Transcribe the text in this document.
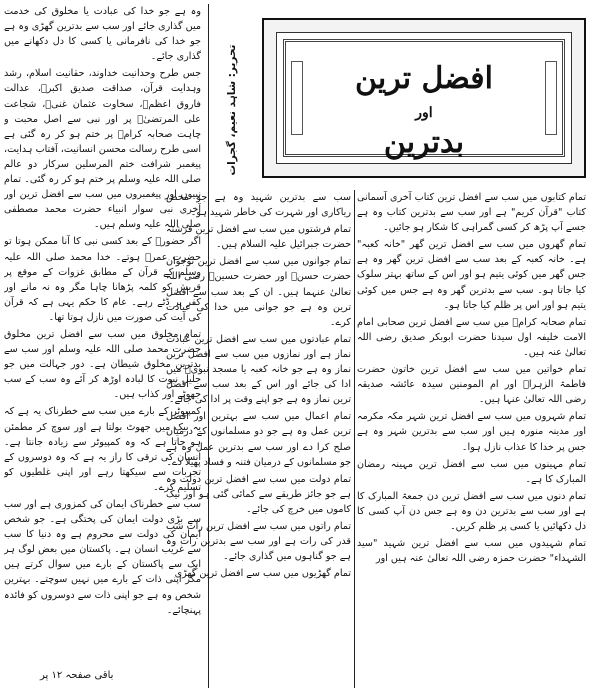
افضل ترین
اور
بدترین
تحریر: شاہد نعیم، گجرات

وہ ہے جو خدا کی عبادت یا مخلوق کی خدمت میں گذاری جائے اور سب سے بدترین گھڑی وہ ہے جو خدا کی نافرمانی یا کسی کا دل دکھانے میں گذاری جائے۔

جس طرح وحدانیت خداوند، حقانیت اسلام، رشد وہدایت قرآن، صداقت صدیق اکبرؓ، عدالت فاروق اعظمؓ، سخاوت عثمان غنیؓ، شجاعت علی المرتضیٰؓ پر اور نبی سے اصل محبت و چاہت صحابہ کرامؓ پر ختم ہو کر رہ گئی ہے اسی طرح رسالت محسن انسانیت، آفتاب ہدایت، پیغمبر شرافت ختم المرسلین سرکار دو عالم صلی اللہ علیہ وسلم پر ختم ہو کر رہ گئی۔ تمام نبیوں اور پیغمبروں میں سب سے افضل ترین اور آخری نبی سوار انبیاء حضرت محمد مصطفی صلی اللہ علیہ وسلم ہیں۔

اگر حضورؐ کے بعد کسی نبی کا آنا ممکن ہوتا تو حضرت عمرؓ ہوتے۔ خدا محمد صلی اللہ علیہ وسلم کے قرآن کے مطابق غزوات کے موقع پر قریش کو کلمہ پڑھانا چاہا مگر وہ نہ مانے اور کفر پر ڈٹے رہے۔ عام کا حکم یہی ہے کہ قرآن کی آیت کی صورت میں نازل ہوتا تھا۔

تمام مخلوق میں سب سے افضل ترین مخلوق حضرت محمد صلی اللہ علیہ وسلم اور سب سے بدترین مخلوق شیطان ہے۔ دور جہالت میں جو جلیل نبوت کا لبادہ اوڑھ کر آئے وہ سب کے سب جھوٹے اور کذاب ہیں۔

کمپیوٹر کے بارے میں سب سے خطرناک یہ ہے کہ یہ بیک میں جھوٹ بولتا ہے اور سوچ کر مطمئن ہو جاتا ہے کہ وہ کمپیوٹر سے زیادہ جانتا ہے۔ انسان کی ترقی کا راز یہ ہے کہ وہ دوسروں کے تجربات سے سیکھتا رہے اور اپنی غلطیوں کو تسلیم کرے۔

سب سے خطرناک ایمان کی کمزوری ہے اور سب سے بڑی دولت ایمان کی پختگی ہے۔ جو شخص ایمان کی دولت سے محروم ہے وہ دنیا کا سب سے غریب انسان ہے۔ پاکستان میں بعض لوگ ہر ایک سے پاکستان کے بارے میں سوال کرتے ہیں مگر اپنی ذات کے بارے میں نہیں سوچتے۔ بہترین شخص وہ ہے جو اپنی ذات سے دوسروں کو فائدہ پہنچائے۔

سب سے بدترین شہید وہ ہے جو محض ریاکاری اور شہرت کی خاطر شہید ہو۔

تمام فرشتوں میں سب سے افضل ترین فرشتہ حضرت جبرائیل علیہ السلام ہیں۔

تمام جوانوں میں سب سے افضل ترین نوجوان حضرت حسنؓ اور حضرت حسینؓ رضی اللہ تعالیٰ عنہما ہیں۔ ان کے بعد سب سے افضل ترین وہ ہے جو جوانی میں خدا کی عبادت کرے۔

تمام عبادتوں میں سب سے افضل ترین عبادت نماز ہے اور نمازوں میں سب سے افضل ترین نماز وہ ہے جو خانہ کعبہ یا مسجد نبویؐ میں ادا کی جائے اور اس کے بعد سب سے افضل ترین نماز وہ ہے جو اپنے وقت پر ادا کی جائے۔

تمام اعمال میں سب سے بہترین اور افضل ترین عمل وہ ہے جو دو مسلمانوں کے درمیان صلح کرا دے اور سب سے بدترین عمل وہ ہے جو مسلمانوں کے درمیان فتنہ و فساد پھیلا دے۔

تمام دولت میں سب سے افضل ترین دولت وہ ہے جو جائز طریقے سے کمائی گئی ہو اور نیک کاموں میں خرچ کی جائے۔

تمام راتوں میں سب سے افضل ترین رات شب قدر کی رات ہے اور سب سے بدترین رات وہ ہے جو گناہوں میں گذاری جائے۔

تمام گھڑیوں میں سب سے افضل ترین گھڑی

تمام کتابوں میں سب سے افضل ترین کتاب آخری آسمانی کتاب "قرآن کریم" ہے اور سب سے بدترین کتاب وہ ہے جسے آپ پڑھ کر کسی گمراہی کا شکار ہو جائیں۔

تمام گھروں میں سب سے افضل ترین گھر "خانہ کعبہ" ہے۔ خانہ کعبہ کے بعد سب سے افضل ترین گھر وہ ہے جس گھر میں کوئی یتیم ہو اور اس کے ساتھ بہتر سلوک کیا جاتا ہو۔ سب سے بدترین گھر وہ ہے جس میں کوئی یتیم ہو اور اس پر ظلم کیا جاتا ہو۔

تمام صحابہ کرامؓ میں سب سے افضل ترین صحابی امام الامت خلیفہ اول سیدنا حضرت ابوبکر صدیق رضی اللہ تعالیٰ عنہ ہیں۔

تمام خواتین میں سب سے افضل ترین خاتون حضرت فاطمۃ الزہراؓ اور ام المومنین سیدہ عائشہ صدیقہ رضی اللہ تعالیٰ عنہا ہیں۔

تمام شہروں میں سب سے افضل ترین شہر مکہ مکرمہ اور مدینہ منورہ ہیں اور سب سے بدترین شہر وہ ہے جس پر خدا کا عذاب نازل ہوا۔

تمام مہینوں میں سب سے افضل ترین مہینہ رمضان المبارک کا ہے۔

تمام دنوں میں سب سے افضل ترین دن جمعۃ المبارک کا ہے اور سب سے بدترین دن وہ ہے جس دن آپ کسی کا دل دکھائیں یا کسی پر ظلم کریں۔

تمام شہیدوں میں سب سے افضل ترین شہید "سید الشہداء" حضرت حمزہ رضی اللہ تعالیٰ عنہ ہیں اور

باقی صفحہ ۱۲ پر
